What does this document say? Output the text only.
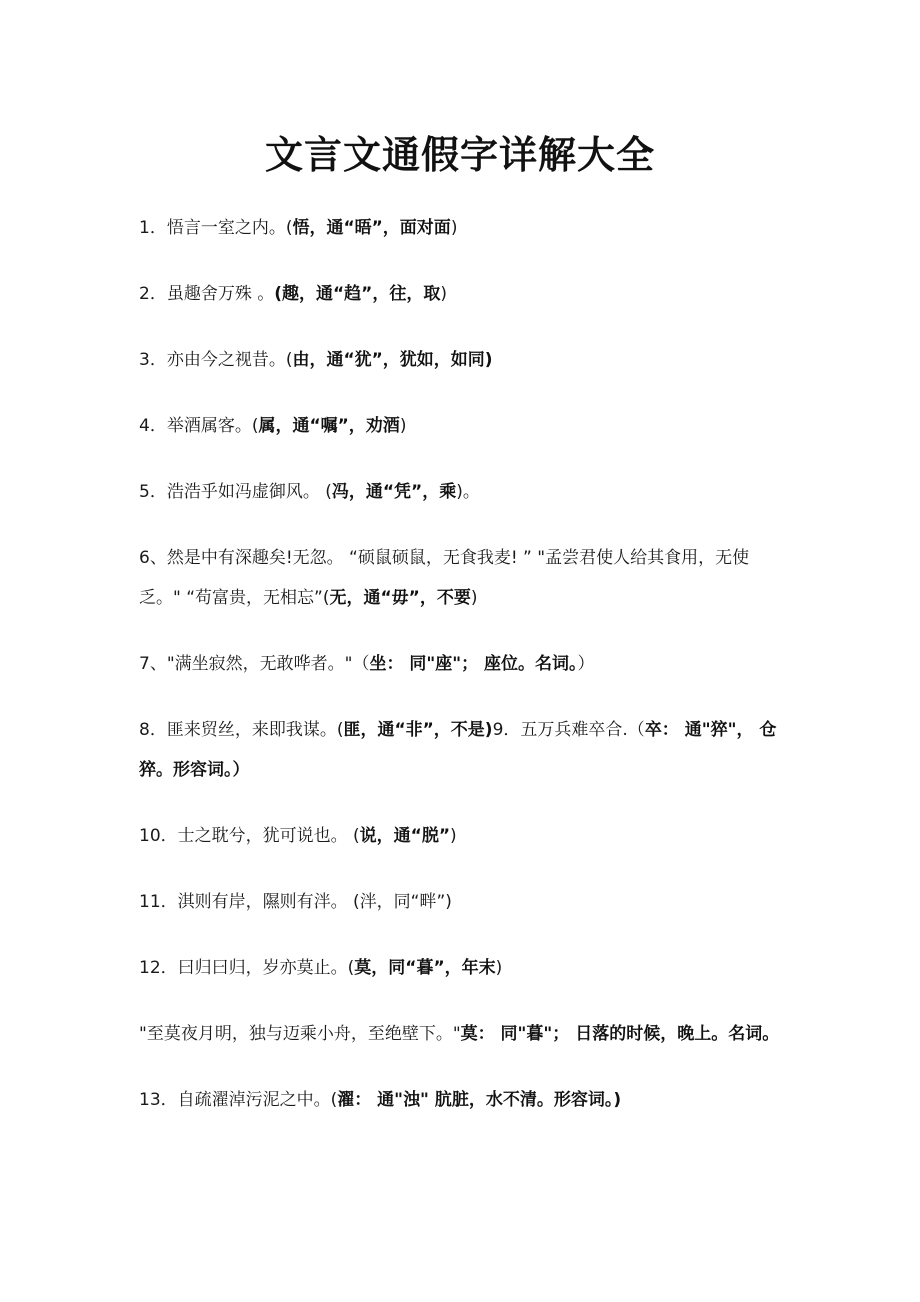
文言文通假字详解大全
1．悟言一室之内。(悟，通“晤”，面对面)
2．虽趣舍万殊 。(趣，通“趋”，往，取)
3．亦由今之视昔。(由，通“犹”，犹如，如同)
4．举酒属客。(属，通“嘱”，劝酒)
5．浩浩乎如冯虚御风。 (冯，通“凭”，乘)。
6、然是中有深趣矣!无忽。 “硕鼠硕鼠，无食我麦! ” "孟尝君使人给其食用，无使乏。" “苟富贵，无相忘”(无，通“毋”，不要)
7、"满坐寂然，无敢哗者。"（坐： 同"座"； 座位。名词。）
8．匪来贸丝，来即我谋。(匪，通“非”，不是)9．五万兵难卒合.（卒： 通"猝"， 仓猝。形容词。）
10．士之耽兮，犹可说也。 (说，通“脱”)
11．淇则有岸，隰则有泮。 (泮，同“畔”)
12．曰归曰归，岁亦莫止。(莫，同“暮”，年末)
"至莫夜月明，独与迈乘小舟，至绝壁下。"莫： 同"暮"； 日落的时候，晚上。名词。
13．自疏濯淖污泥之中。(濯： 通"浊" 肮脏，水不清。形容词。)
